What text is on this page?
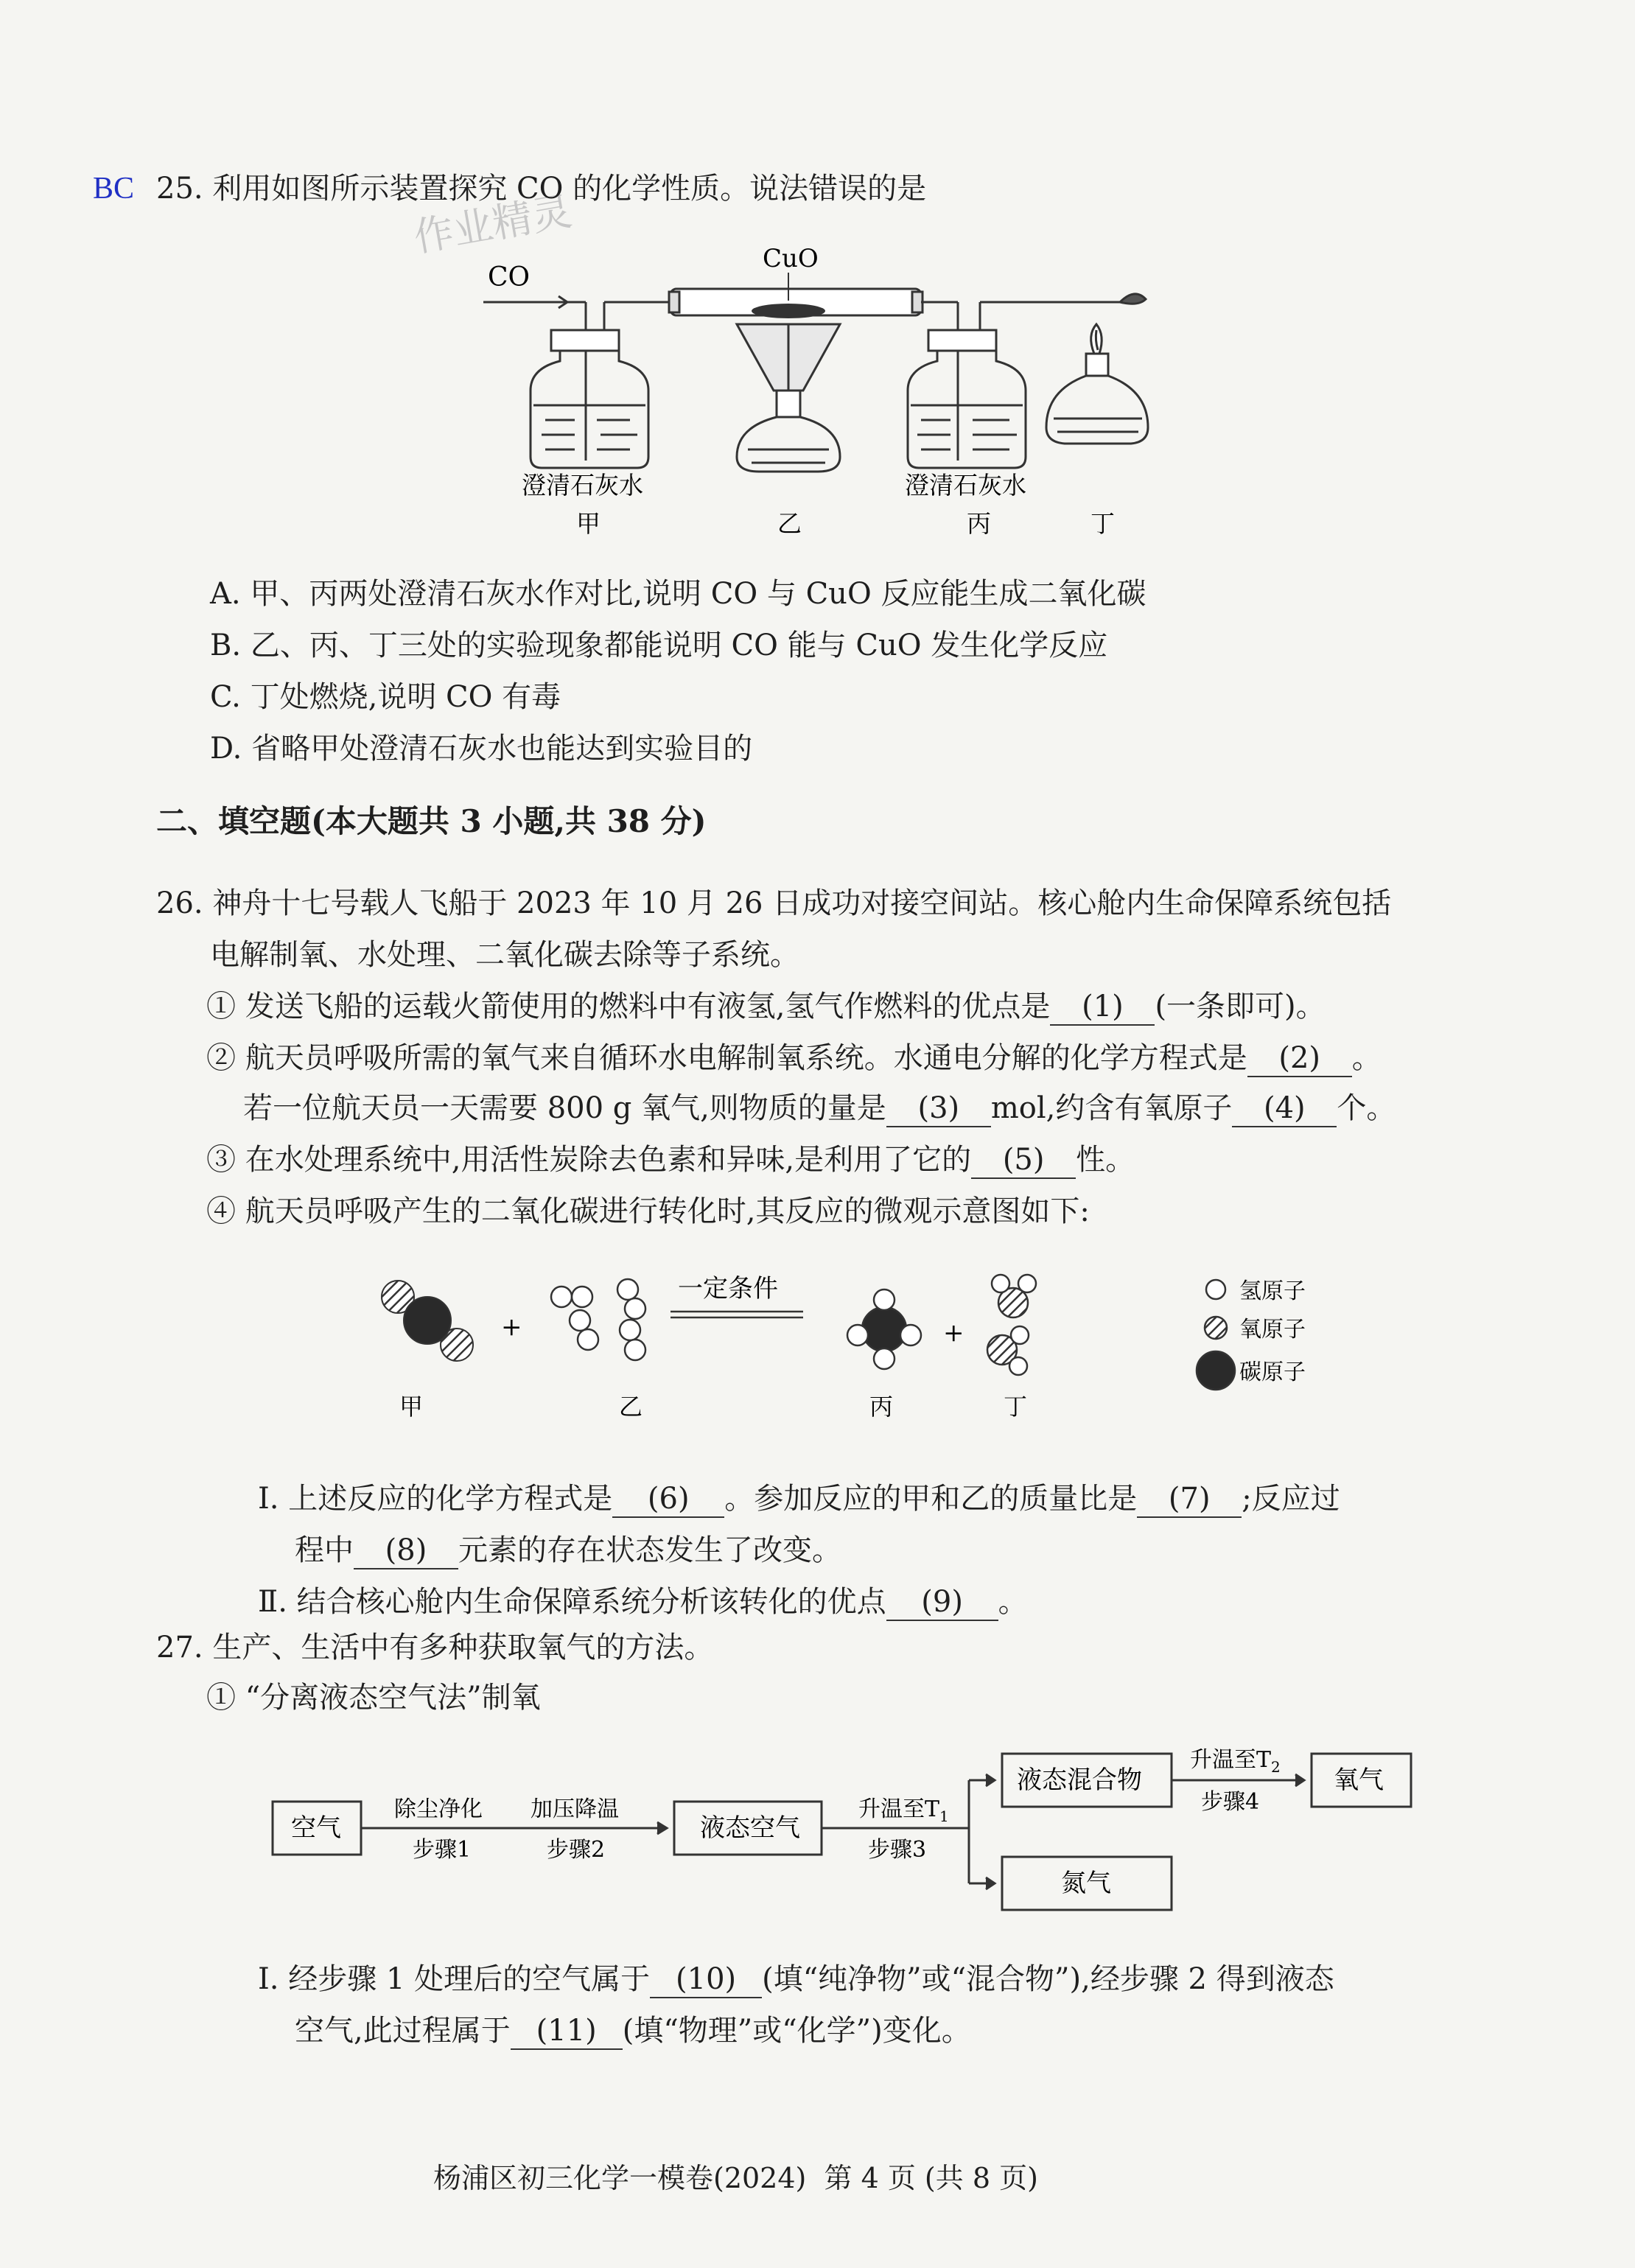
作业精灵
BC 25. 利用如图所示装置探究 CO 的化学性质。说法错误的是
CO
CuO
澄清石灰水
甲	乙
澄清石灰水
丙	丁
A. 甲、丙两处澄清石灰水作对比,说明 CO 与 CuO 反应能生成二氧化碳
B. 乙、丙、丁三处的实验现象都能说明 CO 能与 CuO 发生化学反应
C. 丁处燃烧,说明 CO 有毒
D. 省略甲处澄清石灰水也能达到实验目的
二、填空题(本大题共 3 小题,共 38 分)
26. 神舟十七号载人飞船于 2023 年 10 月 26 日成功对接空间站。核心舱内生命保障系统包括
电解制氧、水处理、二氧化碳去除等子系统。
① 发送飞船的运载火箭使用的燃料中有液氢,氢气作燃料的优点是 (1) (一条即可)。
② 航天员呼吸所需的氧气来自循环水电解制氧系统。水通电分解的化学方程式是 (2) 。
若一位航天员一天需要 800 g 氧气,则物质的量是 (3) mol,约含有氧原子 (4) 个。
③ 在水处理系统中,用活性炭除去色素和异味,是利用了它的 (5) 性。
④ 航天员呼吸产生的二氧化碳进行转化时,其反应的微观示意图如下:
+
一定条件
+
氢原子
氧原子
碳原子
甲	乙	丙	丁
Ⅰ. 上述反应的化学方程式是 (6) 。参加反应的甲和乙的质量比是 (7) ;反应过
程中 (8) 元素的存在状态发生了改变。
Ⅱ. 结合核心舱内生命保障系统分析该转化的优点 (9) 。
27. 生产、生活中有多种获取氧气的方法。
① “分离液态空气法”制氧
空气
除尘净化
步骤1
加压降温
步骤2
液态空气
升温至T 1
步骤3
液态混合物
升温至T 2
步骤4
氧气
氮气
Ⅰ. 经步骤 1 处理后的空气属于 (10) (填“纯净物”或“混合物”),经步骤 2 得到液态
空气,此过程属于 (11) (填“物理”或“化学”)变化。
杨浦区初三化学一模卷(2024)  第 4 页 (共 8 页)
